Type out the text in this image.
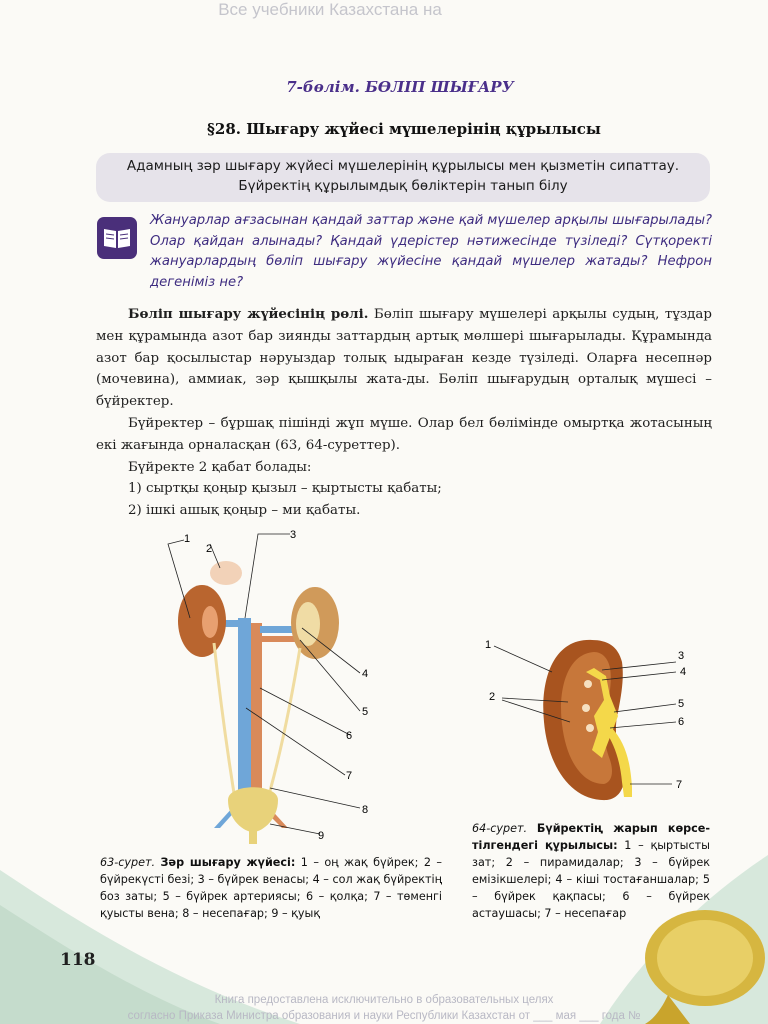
Все учебники Казахстана на
7-бөлім. БӨЛІП ШЫҒАРУ
§28. Шығару жүйесі мүшелерінің құрылысы
Адамның зәр шығару жүйесі мүшелерінің құрылысы мен қызметін сипаттау.
Бүйректің құрылымдық бөліктерін танып білу
Жануарлар ағзасынан қандай заттар және қай мүшелер арқылы шығарылады? Олар қайдан алынады? Қандай үдерістер нәтижесінде түзіледі? Сүтқоректі жануарлардың бөліп шығару жүйесіне қандай мүшелер жатады? Нефрон дегеніміз не?

Бөліп шығару жүйесінің рөлі. Бөліп шығару мүшелері арқылы судың, тұздар мен құрамында азот бар зиянды заттардың артық мөлшері шығарылады. Құрамында азот бар қосылыстар нәруыздар толық ыдыраған кезде түзіледі. Оларға несепнәр (мочевина), аммиак, зәр қышқылы жата-ды. Бөліп шығарудың орталық мүшесі – бүйректер.

Бүйректер – бұршақ пішінді жұп мүше. Олар бел бөлімінде омыртқа жотасының екі жағында орналасқан (63, 64-суреттер).

Бүйректе 2 қабат болады:

1) сыртқы қоңыр қызыл – қыртысты қабаты;

2) ішкі ашық қоңыр – ми қабаты.

1
2
3
4
5
6
7
8
9
1
2
3
4
5
6
7
63-сурет. Зәр шығару жүйесі: 1 – оң жақ бүйрек; 2 – бүйрекүсті безі; 3 – бүйрек венасы; 4 – сол жақ бүйректің боз заты; 5 – бүйрек артериясы; 6 – қолқа; 7 – төменгі қуысты вена; 8 – несепағар; 9 – қуық
64-сурет. Бүйректің жарып көрсе-тілгендегі құрылысы: 1 – қыртысты зат; 2 – пирамидалар; 3 – бүйрек емізікшелері; 4 – кіші тостағаншалар; 5 – бүйрек қақпасы; 6 – бүйрек астаушасы; 7 – несепағар
118
Книга предоставлена исключительно в образовательных целях
согласно Приказа Министра образования и науки Республики Казахстан от ___ мая ___ года №
